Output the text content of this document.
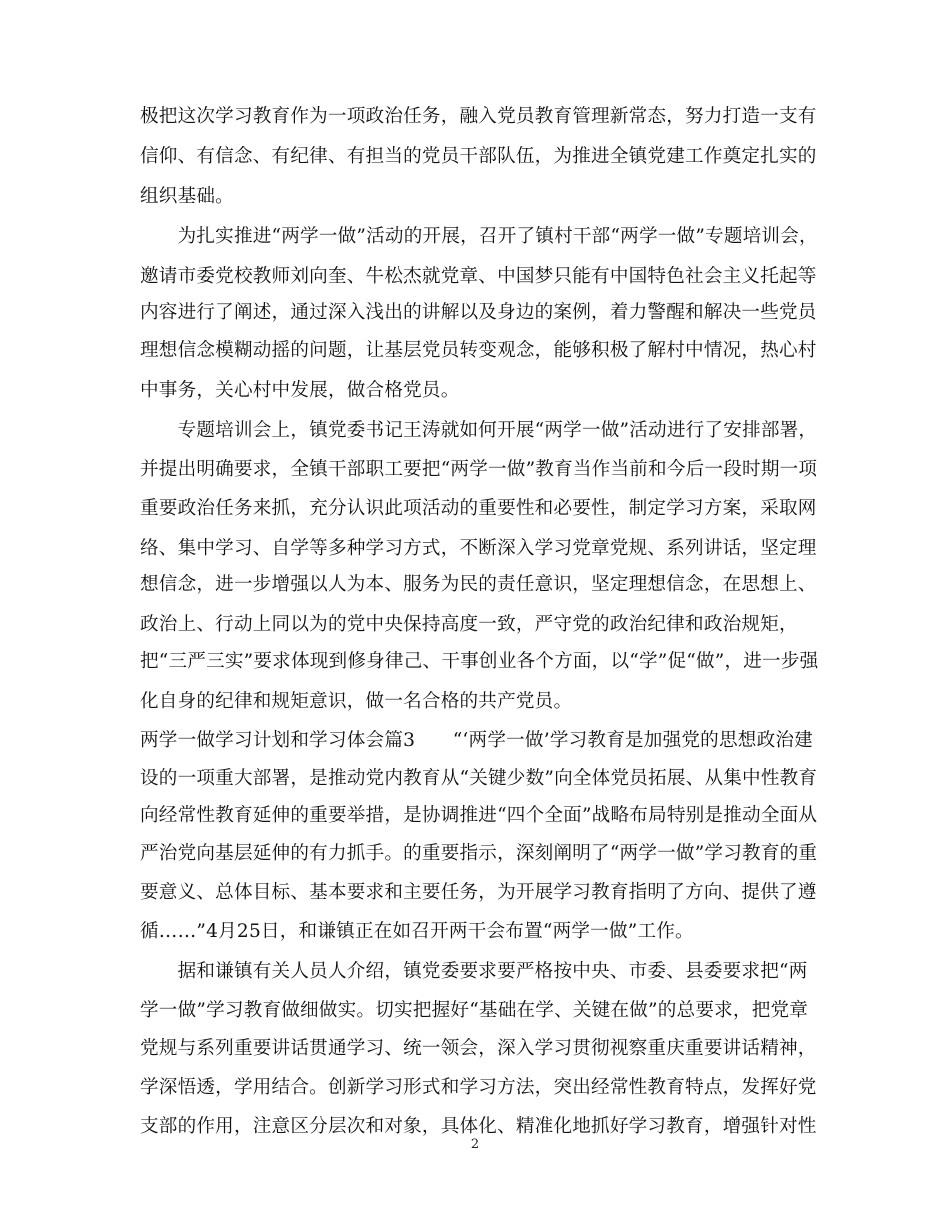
极把这次学习教育作为一项政治任务，融入党员教育管理新常态，努力打造一支有
信仰、有信念、有纪律、有担当的党员干部队伍，为推进全镇党建工作奠定扎实的
组织基础。
　　为扎实推进“两学一做”活动的开展，召开了镇村干部“两学一做”专题培训会，
邀请市委党校教师刘向奎、牛松杰就党章、中国梦只能有中国特色社会主义托起等
内容进行了阐述，通过深入浅出的讲解以及身边的案例，着力警醒和解决一些党员
理想信念模糊动摇的问题，让基层党员转变观念，能够积极了解村中情况，热心村
中事务，关心村中发展，做合格党员。
　　专题培训会上，镇党委书记王涛就如何开展“两学一做”活动进行了安排部署，
并提出明确要求，全镇干部职工要把“两学一做”教育当作当前和今后一段时期一项
重要政治任务来抓，充分认识此项活动的重要性和必要性，制定学习方案，采取网
络、集中学习、自学等多种学习方式，不断深入学习党章党规、系列讲话，坚定理
想信念，进一步增强以人为本、服务为民的责任意识，坚定理想信念，在思想上、
政治上、行动上同以为的党中央保持高度一致，严守党的政治纪律和政治规矩，
把“三严三实”要求体现到修身律己、干事创业各个方面，以“学”促“做”，进一步强
化自身的纪律和规矩意识，做一名合格的共产党员。
两学一做学习计划和学习体会篇3　　“‘两学一做’学习教育是加强党的思想政治建
设的一项重大部署，是推动党内教育从“关键少数”向全体党员拓展、从集中性教育
向经常性教育延伸的重要举措，是协调推进“四个全面”战略布局特别是推动全面从
严治党向基层延伸的有力抓手。的重要指示，深刻阐明了“两学一做”学习教育的重
要意义、总体目标、基本要求和主要任务，为开展学习教育指明了方向、提供了遵
循……”4月25日，和谦镇正在如召开两干会布置“两学一做”工作。
　　据和谦镇有关人员人介绍，镇党委要求要严格按中央、市委、县委要求把“两
学一做”学习教育做细做实。切实把握好“基础在学、关键在做”的总要求，把党章
党规与系列重要讲话贯通学习、统一领会，深入学习贯彻视察重庆重要讲话精神，
学深悟透，学用结合。创新学习形式和学习方法，突出经常性教育特点，发挥好党
支部的作用，注意区分层次和对象，具体化、精准化地抓好学习教育，增强针对性
2
